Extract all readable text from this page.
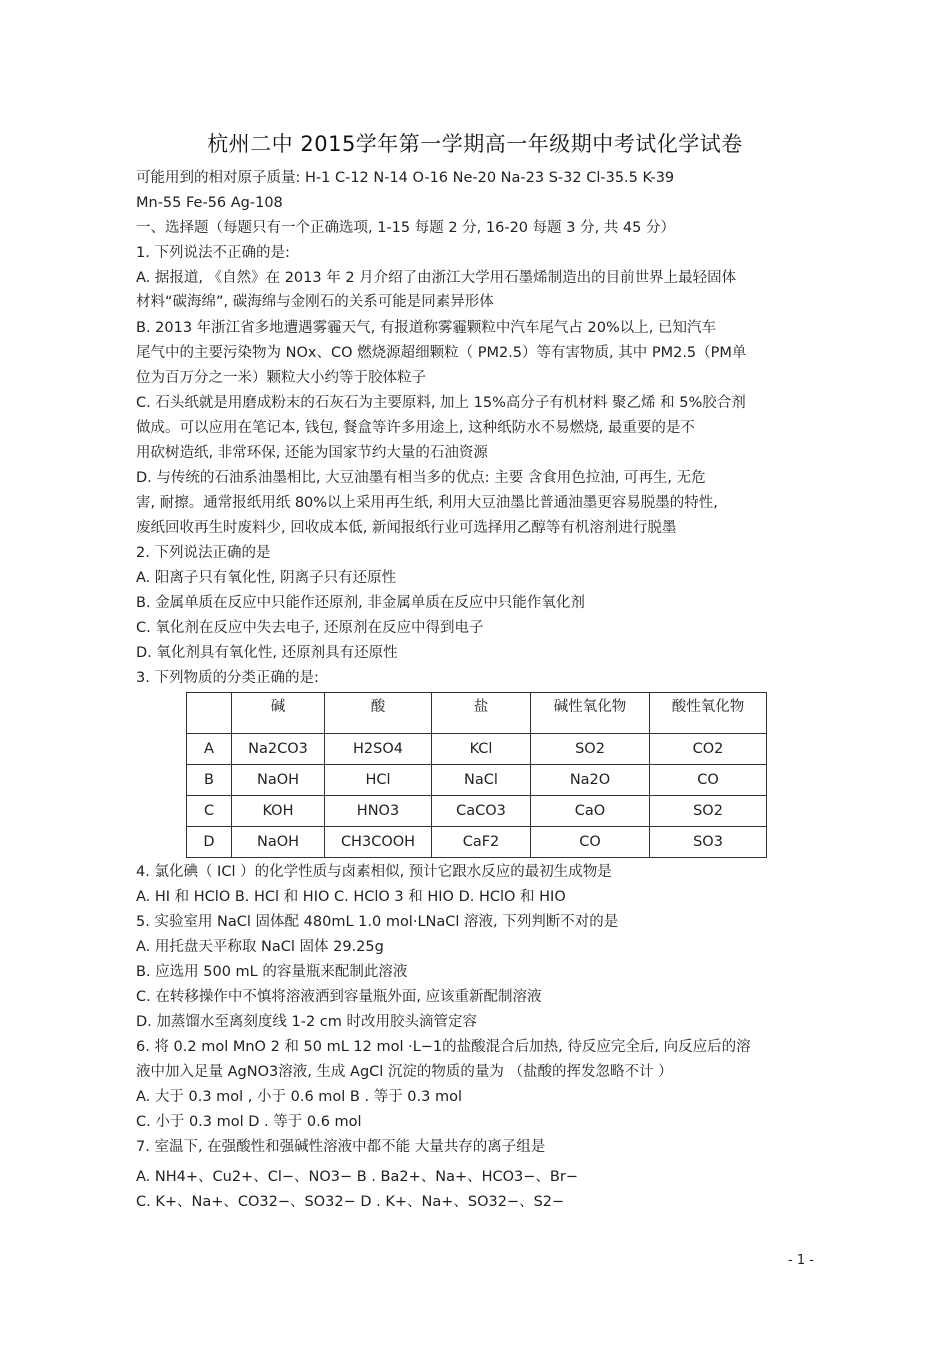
杭州二中 2015学年第一学期高一年级期中考试化学试卷
可能用到的相对原子质量: H-1 C-12 N-14 O-16 Ne-20 Na-23 S-32 Cl-35.5 K-39
Mn-55 Fe-56 Ag-108
一、选择题（每题只有一个正确选项, 1-15 每题 2 分, 16-20 每题 3 分, 共 45 分）
1. 下列说法不正确的是:
A. 据报道, 《自然》在 2013 年 2 月介绍了由浙江大学用石墨烯制造出的目前世界上最轻固体
材料“碳海绵”, 碳海绵与金刚石的关系可能是同素异形体
B. 2013 年浙江省多地遭遇雾霾天气, 有报道称雾霾颗粒中汽车尾气占 20%以上, 已知汽车
尾气中的主要污染物为 NOx、CO 燃烧源超细颗粒（ PM2.5）等有害物质, 其中 PM2.5（PM单
位为百万分之一米）颗粒大小约等于胶体粒子
C. 石头纸就是用磨成粉末的石灰石为主要原料, 加上 15%高分子有机材料 聚乙烯 和 5%胶合剂
做成。可以应用在笔记本, 钱包, 餐盒等许多用途上, 这种纸防水不易燃烧, 最重要的是不
用砍树造纸, 非常环保, 还能为国家节约大量的石油资源
D. 与传统的石油系油墨相比, 大豆油墨有相当多的优点: 主要 含食用色拉油, 可再生, 无危
害, 耐擦。通常报纸用纸 80%以上采用再生纸, 利用大豆油墨比普通油墨更容易脱墨的特性,
废纸回收再生时废料少, 回收成本低, 新闻报纸行业可选择用乙醇等有机溶剂进行脱墨
2. 下列说法正确的是
A. 阳离子只有氧化性, 阴离子只有还原性
B. 金属单质在反应中只能作还原剂, 非金属单质在反应中只能作氧化剂
C. 氧化剂在反应中失去电子, 还原剂在反应中得到电子
D. 氧化剂具有氧化性, 还原剂具有还原性
3. 下列物质的分类正确的是:
	碱	酸	盐	碱性氧化物	酸性氧化物
A	Na2CO3	H2SO4	KCl	SO2	CO2
B	NaOH	HCl	NaCl	Na2O	CO
C	KOH	HNO3	CaCO3	CaO	SO2
D	NaOH	CH3COOH	CaF2	CO	SO3
4. 氯化碘（ ICl ）的化学性质与卤素相似, 预计它跟水反应的最初生成物是
A. HI 和 HClO B. HCl 和 HIO C. HClO 3 和 HIO D. HClO 和 HIO
5. 实验室用 NaCl 固体配 480mL 1.0 mol·LNaCl 溶液, 下列判断不对的是
A. 用托盘天平称取 NaCl 固体 29.25g
B. 应选用 500 mL 的容量瓶来配制此溶液
C. 在转移操作中不慎将溶液洒到容量瓶外面, 应该重新配制溶液
D. 加蒸馏水至离刻度线 1-2 cm 时改用胶头滴管定容
6. 将 0.2 mol MnO 2 和 50 mL 12 mol ·L−1的盐酸混合后加热, 待反应完全后, 向反应后的溶
液中加入足量 AgNO3溶液, 生成 AgCl 沉淀的物质的量为 （盐酸的挥发忽略不计 ）
A. 大于 0.3 mol , 小于 0.6 mol B . 等于 0.3 mol
C. 小于 0.3 mol D . 等于 0.6 mol
7. 室温下, 在强酸性和强碱性溶液中都不能 大量共存的离子组是
A. NH4+、Cu2+、Cl−、NO3− B . Ba2+、Na+、HCO3−、Br−
C. K+、Na+、CO32−、SO32− D . K+、Na+、SO32−、S2−
- 1 -
